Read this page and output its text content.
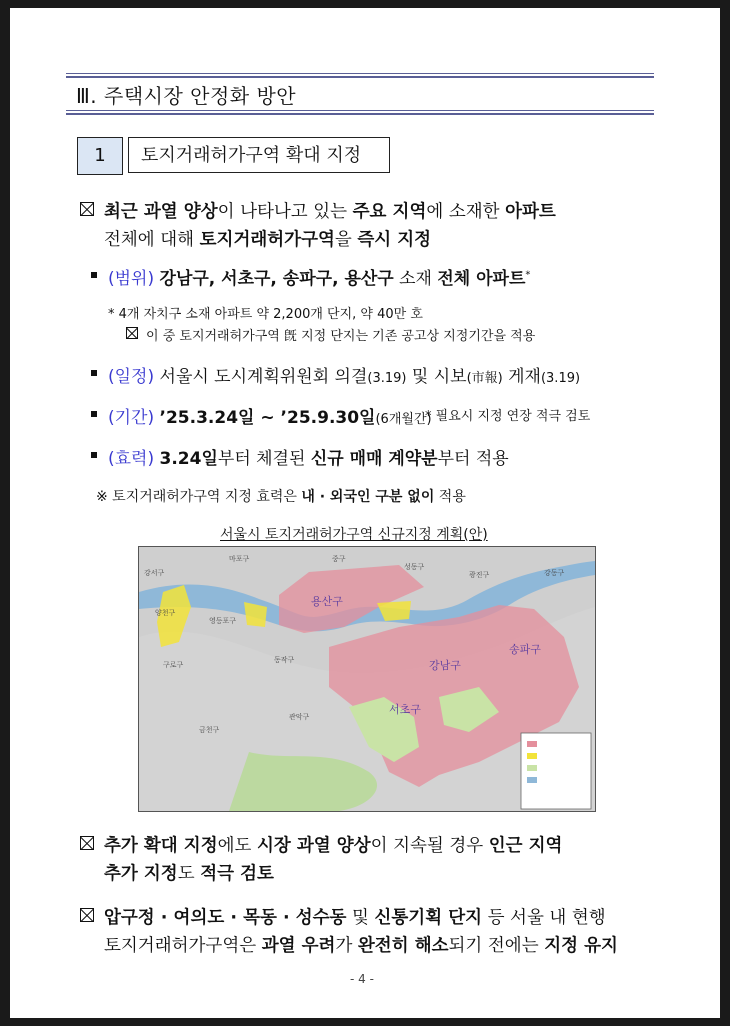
Ⅲ. 주택시장 안정화 방안
1	토지거래허가구역 확대 지정
최근 과열 양상이 나타나고 있는 주요 지역에 소재한 아파트
전체에 대해 토지거래허가구역을 즉시 지정
(범위) 강남구, 서초구, 송파구, 용산구 소재 전체 아파트*
* 4개 자치구 소재 아파트 약 2,200개 단지, 약 40만 호
이 중 토지거래허가구역 旣 지정 단지는 기존 공고상 지정기간을 적용
(일정) 서울시 도시계획위원회 의결(3.19) 및 시보(市報) 게재(3.19)
(기간) ’25.3.24일 ~ ’25.9.30일(6개월간)
* 필요시 지정 연장 적극 검토
(효력) 3.24일부터 체결된 신규 매매 계약분부터 적용
※ 토지거래허가구역 지정 효력은 내 · 외국인 구분 없이 적용
서울시 토지거래허가구역 신규지정 계획(안)
중구
성동구
광진구	강동구
마포구
강서구
양천구
영등포구
구로구
동작구
관악구
금천구
용산구
강남구
서초구
송파구
추가 확대 지정에도 시장 과열 양상이 지속될 경우 인근 지역
추가 지정도 적극 검토
압구정 · 여의도 · 목동 · 성수동 및 신통기획 단지 등 서울 내 현행
토지거래허가구역은 과열 우려가 완전히 해소되기 전에는 지정 유지
- 4 -
